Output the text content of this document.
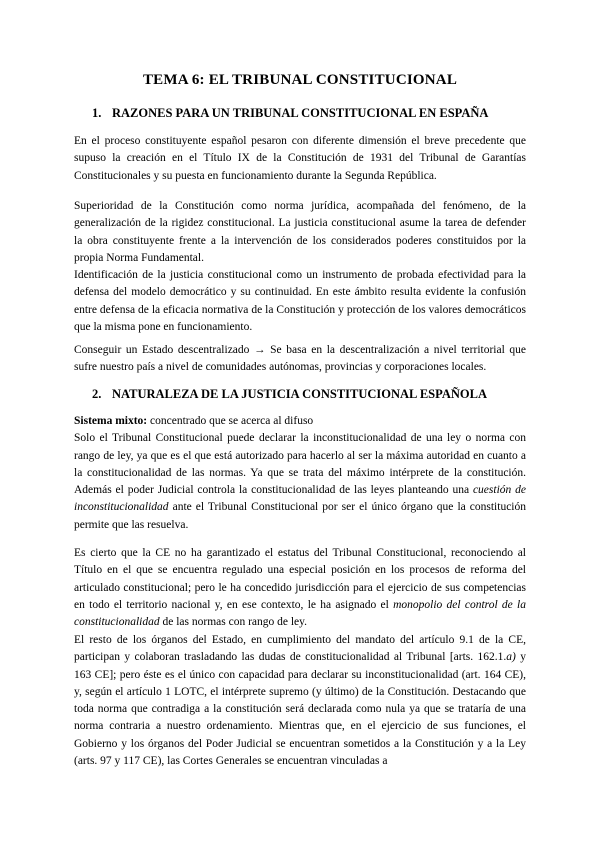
TEMA 6: EL TRIBUNAL CONSTITUCIONAL
1. RAZONES PARA UN TRIBUNAL CONSTITUCIONAL EN ESPAÑA

En el proceso constituyente español pesaron con diferente dimensión el breve precedente que supuso la creación en el Título IX de la Constitución de 1931 del Tribunal de Garantías Constitucionales y su puesta en funcionamiento durante la Segunda República.

Superioridad de la Constitución como norma jurídica, acompañada del fenómeno, de la generalización de la rigidez constitucional. La justicia constitucional asume la tarea de defender la obra constituyente frente a la intervención de los considerados poderes constituidos por la propia Norma Fundamental.

Identificación de la justicia constitucional como un instrumento de probada efectividad para la defensa del modelo democrático y su continuidad. En este ámbito resulta evidente la confusión entre defensa de la eficacia normativa de la Constitución y protección de los valores democráticos que la misma pone en funcionamiento.

Conseguir un Estado descentralizado → Se basa en la descentralización a nivel territorial que sufre nuestro país a nivel de comunidades autónomas, provincias y corporaciones locales.

2. NATURALEZA DE LA JUSTICIA CONSTITUCIONAL ESPAÑOLA

Sistema mixto: concentrado que se acerca al difuso
Solo el Tribunal Constitucional puede declarar la inconstitucionalidad de una ley o norma con rango de ley, ya que es el que está autorizado para hacerlo al ser la máxima autoridad en cuanto a la constitucionalidad de las normas. Ya que se trata del máximo intérprete de la constitución. Además el poder Judicial controla la constitucionalidad de las leyes planteando una cuestión de inconstitucionalidad ante el Tribunal Constitucional por ser el único órgano que la constitución permite que las resuelva.

Es cierto que la CE no ha garantizado el estatus del Tribunal Constitucional, reconociendo al Título en el que se encuentra regulado una especial posición en los procesos de reforma del articulado constitucional; pero le ha concedido jurisdicción para el ejercicio de sus competencias en todo el territorio nacional y, en ese contexto, le ha asignado el monopolio del control de la constitucionalidad de las normas con rango de ley.

El resto de los órganos del Estado, en cumplimiento del mandato del artículo 9.1 de la CE, participan y colaboran trasladando las dudas de constitucionalidad al Tribunal [arts. 162.1.a) y 163 CE]; pero éste es el único con capacidad para declarar su inconstitucionalidad (art. 164 CE), y, según el artículo 1 LOTC, el intérprete supremo (y último) de la Constitución. Destacando que toda norma que contradiga a la constitución será declarada como nula ya que se trataría de una norma contraria a nuestro ordenamiento. Mientras que, en el ejercicio de sus funciones, el Gobierno y los órganos del Poder Judicial se encuentran sometidos a la Constitución y a la Ley (arts. 97 y 117 CE), las Cortes Generales se encuentran vinculadas a
